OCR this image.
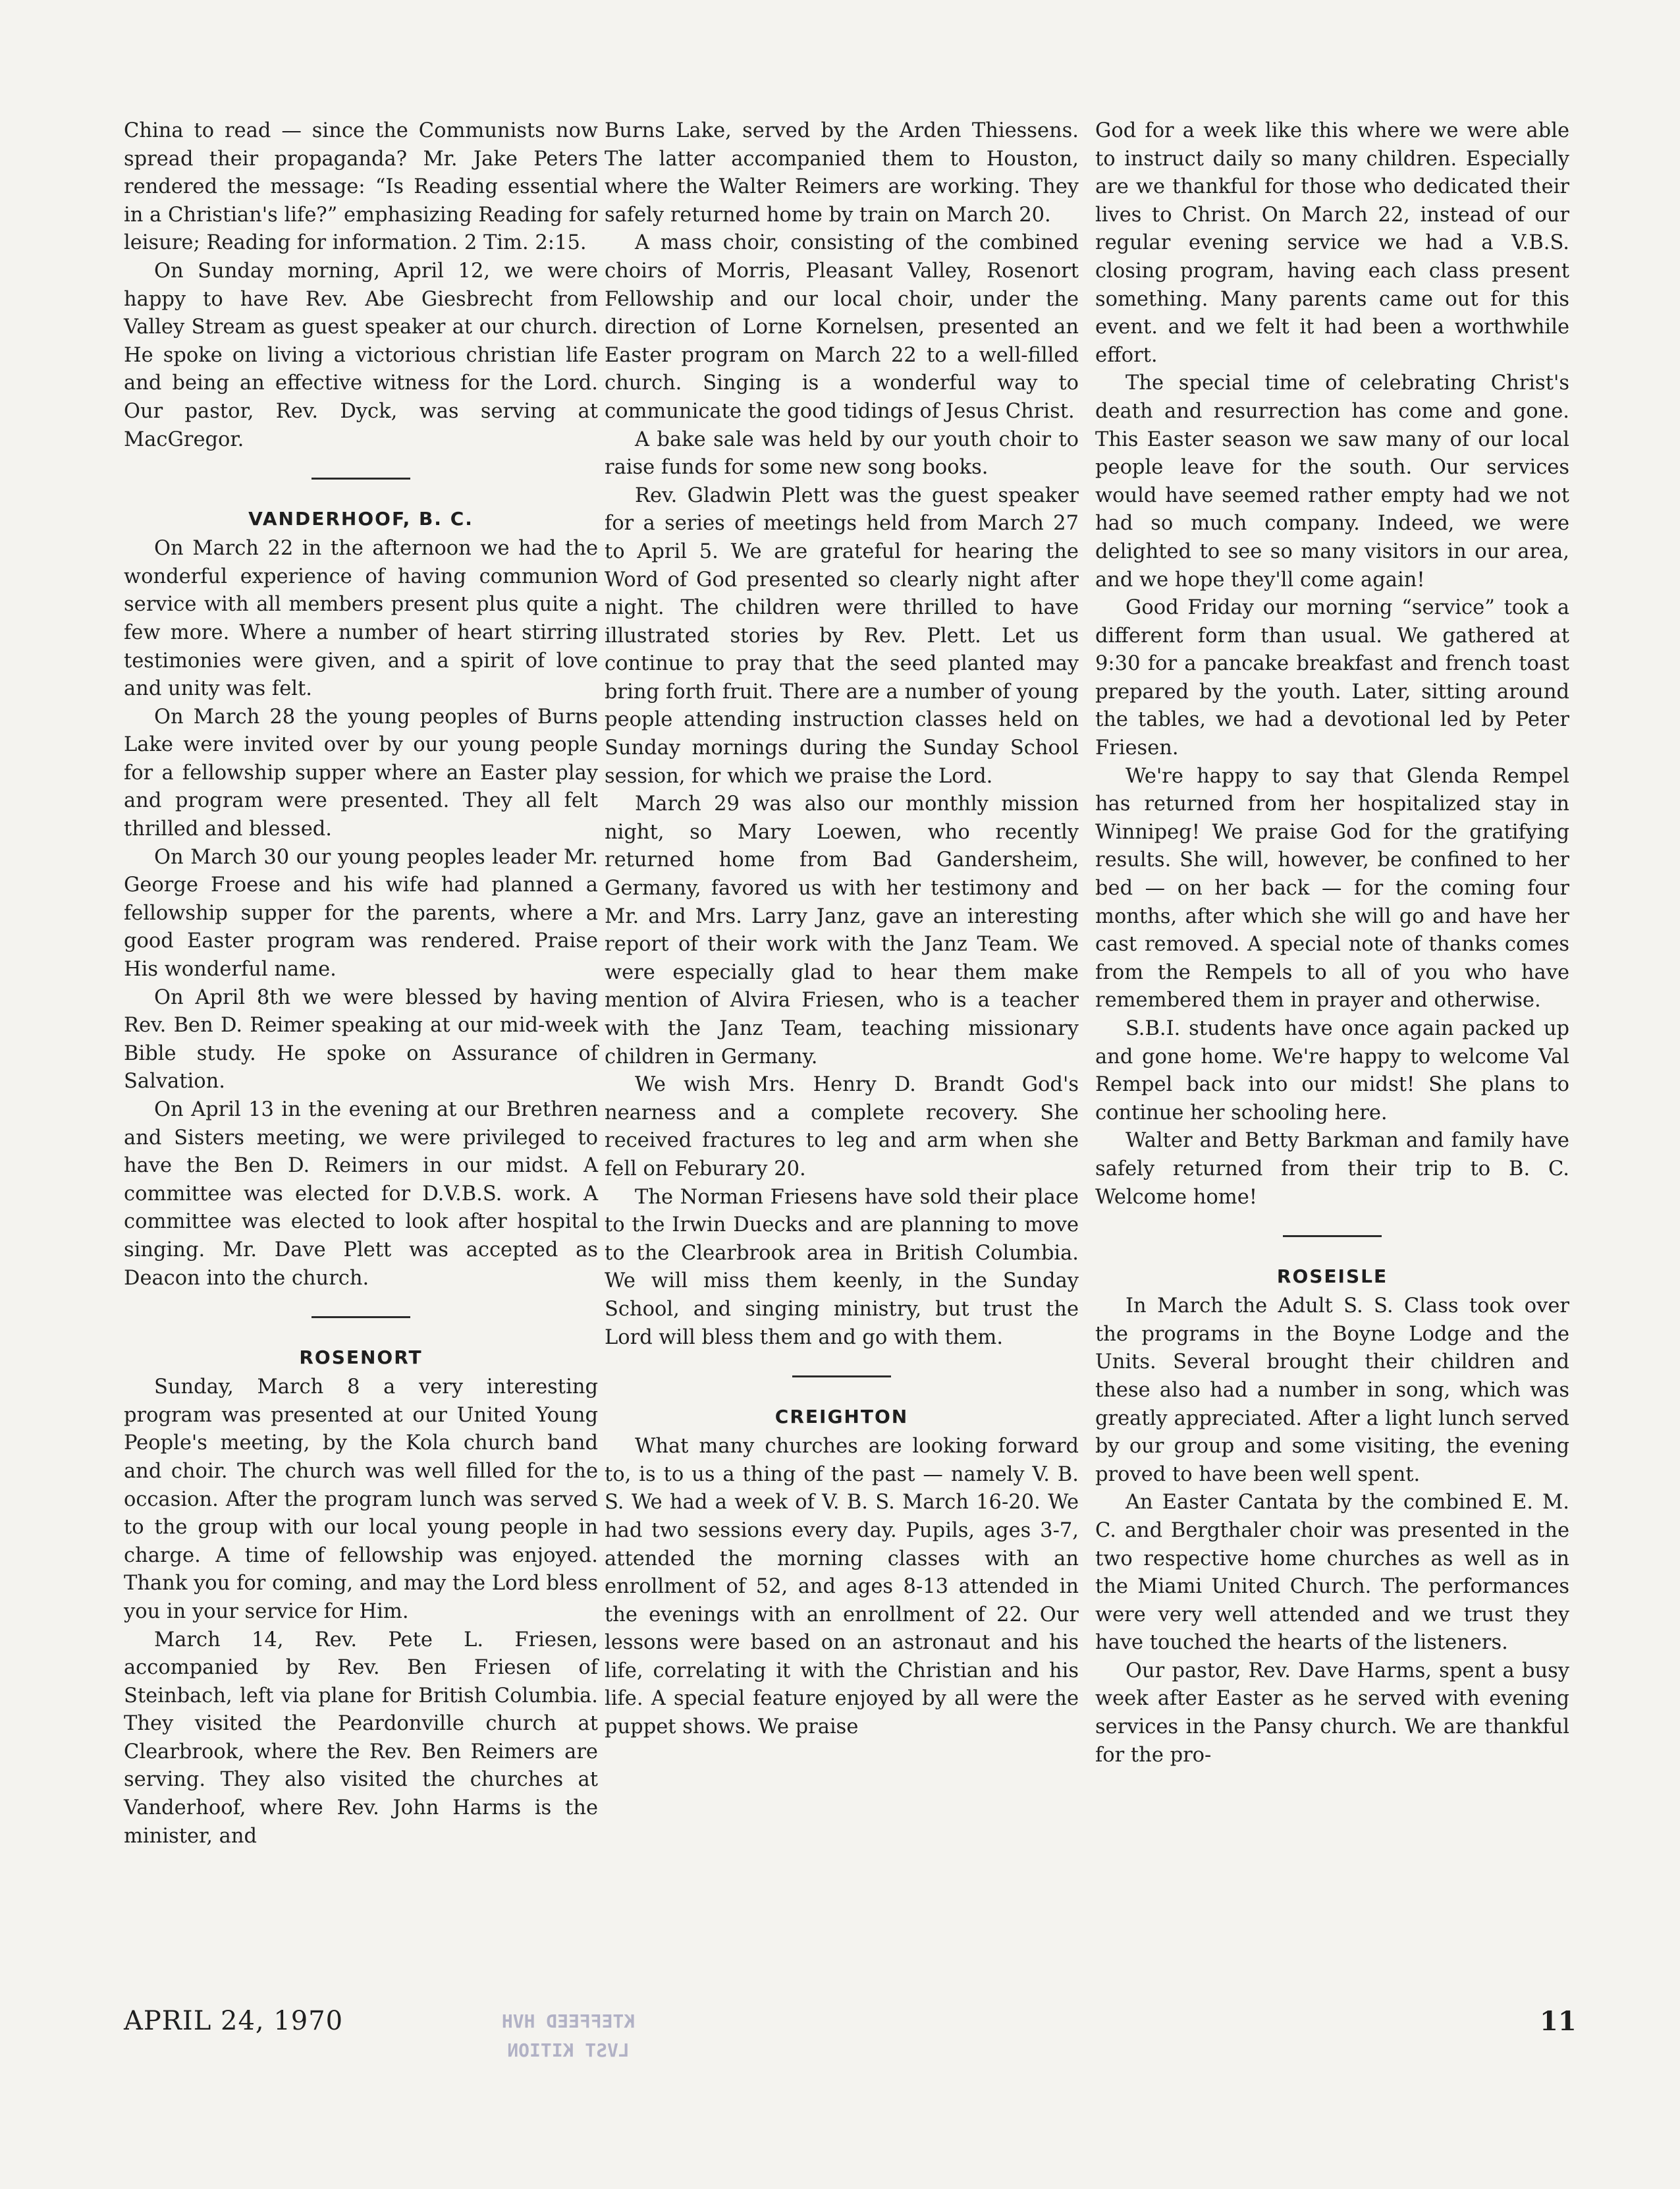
China to read — since the Communists now spread their propaganda? Mr. Jake Peters rendered the message: “Is Reading essential in a Christian's life?” emphasizing Reading for leisure; Reading for information. 2 Tim. 2:15.

On Sunday morning, April 12, we were happy to have Rev. Abe Giesbrecht from Valley Stream as guest speaker at our church. He spoke on living a victorious christian life and being an effective witness for the Lord. Our pastor, Rev. Dyck, was serving at MacGregor.

VANDERHOOF, B. C.

On March 22 in the afternoon we had the wonderful experience of having communion service with all members present plus quite a few more. Where a number of heart stirring testimonies were given, and a spirit of love and unity was felt.

On March 28 the young peoples of Burns Lake were invited over by our young people for a fellowship supper where an Easter play and program were presented. They all felt thrilled and blessed.

On March 30 our young peoples leader Mr. George Froese and his wife had planned a fellowship supper for the parents, where a good Easter program was rendered. Praise His wonderful name.

On April 8th we were blessed by having Rev. Ben D. Reimer speaking at our mid-week Bible study. He spoke on Assurance of Salvation.

On April 13 in the evening at our Brethren and Sisters meeting, we were privileged to have the Ben D. Reimers in our midst. A committee was elected for D.V.B.S. work. A committee was elected to look after hospital singing. Mr. Dave Plett was accepted as Deacon into the church.

ROSENORT

Sunday, March 8 a very interesting program was presented at our United Young People's meeting, by the Kola church band and choir. The church was well filled for the occasion. After the program lunch was served to the group with our local young people in charge. A time of fellowship was enjoyed. Thank you for coming, and may the Lord bless you in your service for Him.

March 14, Rev. Pete L. Friesen, accompanied by Rev. Ben Friesen of Steinbach, left via plane for British Columbia. They visited the Peardonville church at Clearbrook, where the Rev. Ben Reimers are serving. They also visited the churches at Vanderhoof, where Rev. John Harms is the minister, and

Burns Lake, served by the Arden Thiessens. The latter accompanied them to Houston, where the Walter Reimers are working. They safely returned home by train on March 20.

A mass choir, consisting of the combined choirs of Morris, Pleasant Valley, Rosenort Fellowship and our local choir, under the direction of Lorne Kornelsen, presented an Easter program on March 22 to a well-filled church. Singing is a wonderful way to communicate the good tidings of Jesus Christ.

A bake sale was held by our youth choir to raise funds for some new song books.

Rev. Gladwin Plett was the guest speaker for a series of meetings held from March 27 to April 5. We are grateful for hearing the Word of God presented so clearly night after night. The children were thrilled to have illustrated stories by Rev. Plett. Let us continue to pray that the seed planted may bring forth fruit. There are a number of young people attending instruction classes held on Sunday mornings during the Sunday School session, for which we praise the Lord.

March 29 was also our monthly mission night, so Mary Loewen, who recently returned home from Bad Gandersheim, Germany, favored us with her testimony and Mr. and Mrs. Larry Janz, gave an interesting report of their work with the Janz Team. We were especially glad to hear them make mention of Alvira Friesen, who is a teacher with the Janz Team, teaching missionary children in Germany.

We wish Mrs. Henry D. Brandt God's nearness and a complete recovery. She received fractures to leg and arm when she fell on Feburary 20.

The Norman Friesens have sold their place to the Irwin Duecks and are planning to move to the Clearbrook area in British Columbia. We will miss them keenly, in the Sunday School, and singing ministry, but trust the Lord will bless them and go with them.

CREIGHTON

What many churches are looking forward to, is to us a thing of the past — namely V. B. S. We had a week of V. B. S. March 16-20. We had two sessions every day. Pupils, ages 3-7, attended the morning classes with an enrollment of 52, and ages 8-13 attended in the evenings with an enrollment of 22. Our lessons were based on an astronaut and his life, correlating it with the Christian and his life. A special feature enjoyed by all were the puppet shows. We praise

God for a week like this where we were able to instruct daily so many children. Especially are we thankful for those who dedicated their lives to Christ. On March 22, instead of our regular evening service we had a V.B.S. closing program, having each class present something. Many parents came out for this event. and we felt it had been a worthwhile effort.

The special time of celebrating Christ's death and resurrection has come and gone. This Easter season we saw many of our local people leave for the south. Our services would have seemed rather empty had we not had so much company. Indeed, we were delighted to see so many visitors in our area, and we hope they'll come again!

Good Friday our morning “service” took a different form than usual. We gathered at 9:30 for a pancake breakfast and french toast prepared by the youth. Later, sitting around the tables, we had a devotional led by Peter Friesen.

We're happy to say that Glenda Rempel has returned from her hospitalized stay in Winnipeg! We praise God for the gratifying results. She will, however, be confined to her bed — on her back — for the coming four months, after which she will go and have her cast removed. A special note of thanks comes from the Rempels to all of you who have remembered them in prayer and otherwise.

S.B.I. students have once again packed up and gone home. We're happy to welcome Val Rempel back into our midst! She plans to continue her schooling here.

Walter and Betty Barkman and family have safely returned from their trip to B. C. Welcome home!

ROSEISLE

In March the Adult S. S. Class took over the programs in the Boyne Lodge and the Units. Several brought their children and these also had a number in song, which was greatly appreciated. After a light lunch served by our group and some visiting, the evening proved to have been well spent.

An Easter Cantata by the combined E. M. C. and Bergthaler choir was presented in the two respective home churches as well as in the Miami United Church. The performances were very well attended and we trust they have touched the hearts of the listeners.

Our pastor, Rev. Dave Harms, spent a busy week after Easter as he served with evening services in the Pansy church. We are thankful for the pro-

APRIL 24, 1970	KTEFFEED HVH
LVST KITION
11
